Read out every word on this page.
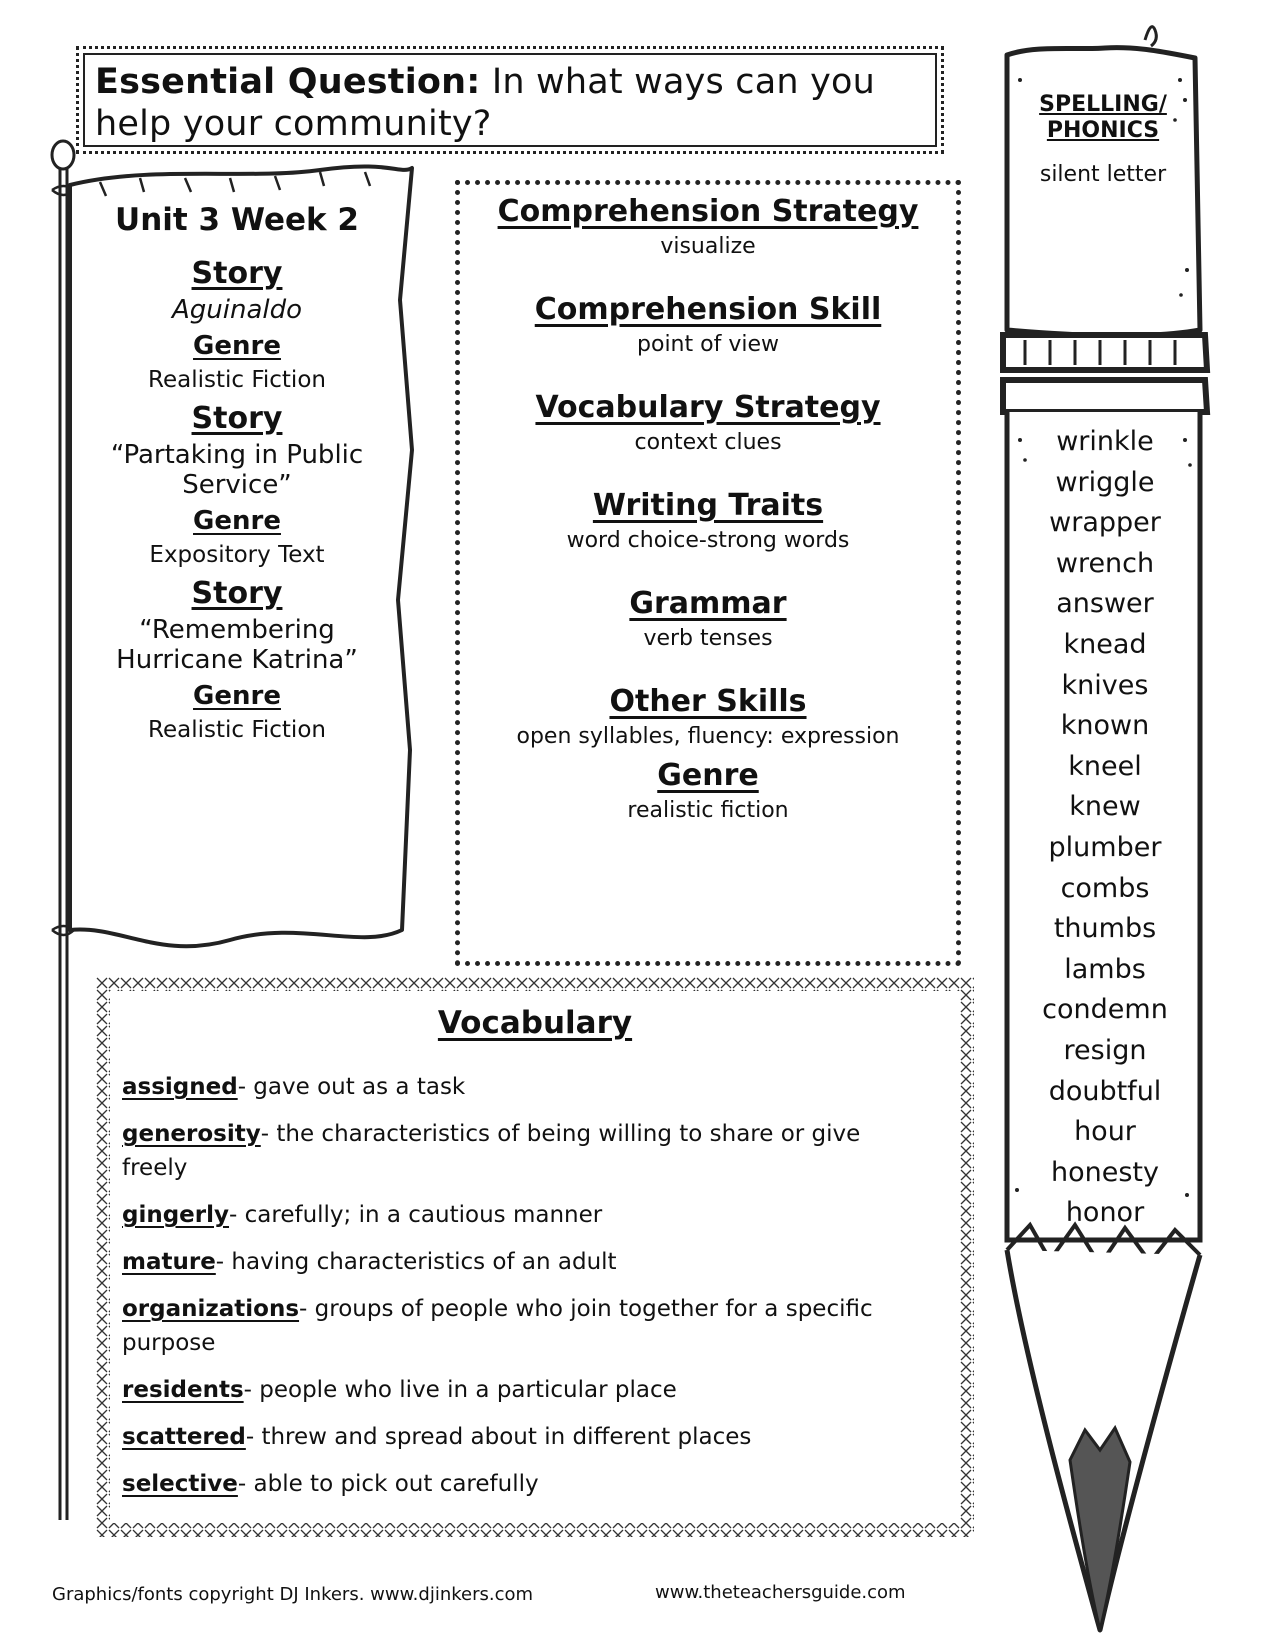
Essential Question: In what ways can you help your community?
Unit 3 Week 2
Story
Aguinaldo
Genre
Realistic Fiction
Story
“Partaking in Public Service”
Genre
Expository Text
Story
“Remembering Hurricane Katrina”
Genre
Realistic Fiction
Comprehension Strategy
visualize
Comprehension Skill
point of view
Vocabulary Strategy
context clues
Writing Traits
word choice-strong words
Grammar
verb tenses
Other Skills
open syllables, fluency: expression
Genre
realistic fiction
Vocabulary
assigned- gave out as a task
generosity- the characteristics of being willing to share or give freely
gingerly- carefully; in a cautious manner
mature- having characteristics of an adult
organizations- groups of people who join together for a specific purpose
residents- people who live in a particular place
scattered- threw and spread about in different places
selective- able to pick out carefully
SPELLING/
PHONICS
silent letter
wrinkle
wriggle
wrapper
wrench
answer
knead
knives
known
kneel
knew
plumber
combs
thumbs
lambs
condemn
resign
doubtful
hour
honesty
honor
Graphics/fonts copyright DJ Inkers. www.djinkers.com	www.theteachersguide.com
